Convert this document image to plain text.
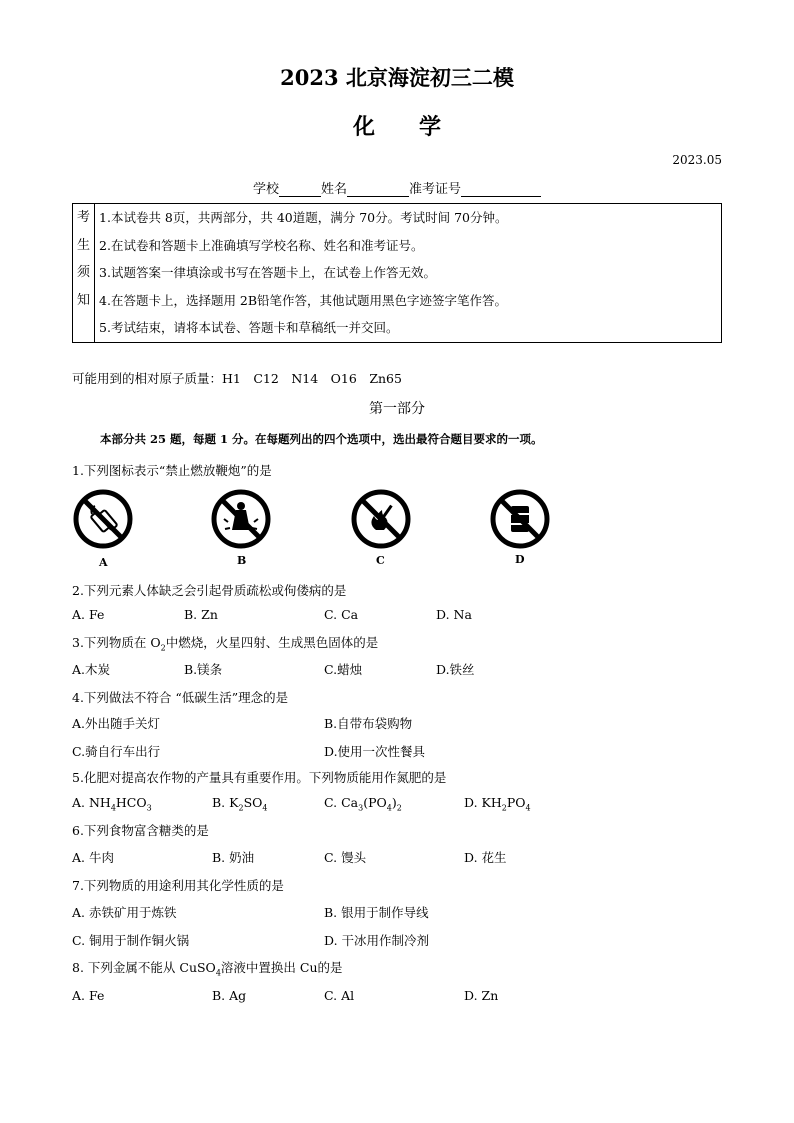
2023 北京海淀初三二模
化 学
2023.05
学校	姓名	准考证号
考
生
须
知

1.本试卷共 8页，共两部分，共 40道题，满分 70分。考试时间 70分钟。
2.在试卷和答题卡上准确填写学校名称、姓名和准考证号。
3.试题答案一律填涂或书写在答题卡上，在试卷上作答无效。
4.在答题卡上，选择题用 2B铅笔作答，其他试题用黑色字迹签字笔作答。
5.考试结束，请将本试卷、答题卡和草稿纸一并交回。
可能用到的相对原子质量：H1　C12　N14　O16　Zn65
第一部分
本部分共 25 题，每题 1 分。在每题列出的四个选项中，选出最符合题目要求的一项。
1.下列图标表示“禁止燃放鞭炮”的是
A	B	C	D
2.下列元素人体缺乏会引起骨质疏松或佝偻病的是
A. Fe	B. Zn	C. Ca	D. Na
3.下列物质在 $O_2$中燃烧，火星四射、生成黑色固体的是
A.木炭	B.镁条	C.蜡烛	D.铁丝
4.下列做法不符合 “低碳生活”理念的是
A.外出随手关灯	B.自带布袋购物
C.骑自行车出行	D.使用一次性餐具
5.化肥对提高农作物的产量具有重要作用。下列物质能用作氮肥的是
A. $NH_4HCO_3$	B. $K_2SO_4$	C. $Ca_3(PO_4)_2$	D. $KH_2PO_4$
6.下列食物富含糖类的是
A. 牛肉	B. 奶油	C. 馒头	D. 花生
7.下列物质的用途利用其化学性质的是
A. 赤铁矿用于炼铁	B. 银用于制作导线
C. 铜用于制作铜火锅	D. 干冰用作制冷剂
8. 下列金属不能从 CuSO$_4$溶液中置换出 Cu的是
A. Fe	B. Ag	C. Al	D. Zn
